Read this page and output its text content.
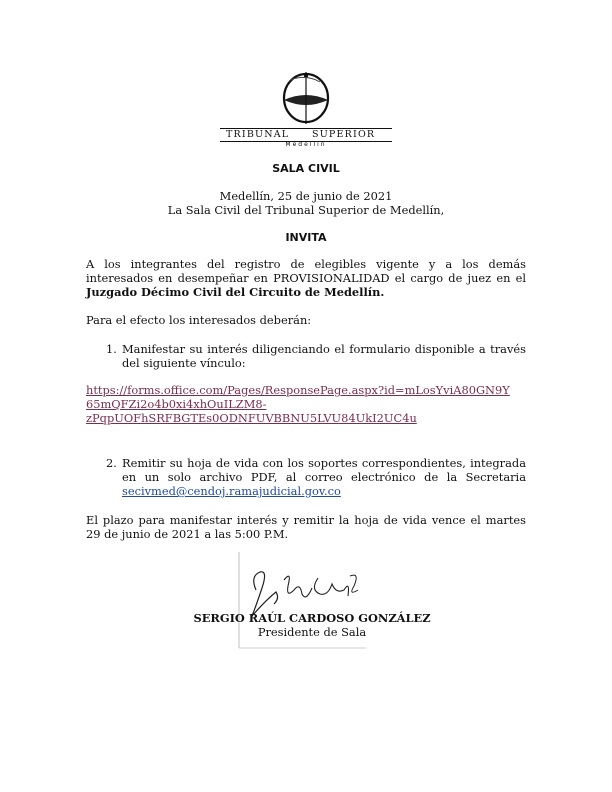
TRIBUNAL SUPERIOR
Medellín
SALA CIVIL
Medellín, 25 de junio de 2021
La Sala Civil del Tribunal Superior de Medellín,
INVITA
A los integrantes del registro de elegibles vigente y a los demás interesados en desempeñar en PROVISIONALIDAD el cargo de juez en el Juzgado Décimo Civil del Circuito de Medellín.
Para el efecto los interesados deberán:
1. Manifestar su interés diligenciando el formulario disponible a través del siguiente vínculo:
https://forms.office.com/Pages/ResponsePage.aspx?id=mLosYviA80GN9Y
65mQFZi2o4b0xi4xhOuILZM8-
zPqpUOFhSRFBGTEs0ODNFUVBBNU5LVU84UkI2UC4u
2. Remitir su hoja de vida con los soportes correspondientes, integrada en un solo archivo PDF, al correo electrónico de la Secretaria secivmed@cendoj.ramajudicial.gov.co
El plazo para manifestar interés y remitir la hoja de vida vence el martes 29 de junio de 2021 a las 5:00 P.M.
SERGIO RAÚL CARDOSO GONZÁLEZ
Presidente de Sala
